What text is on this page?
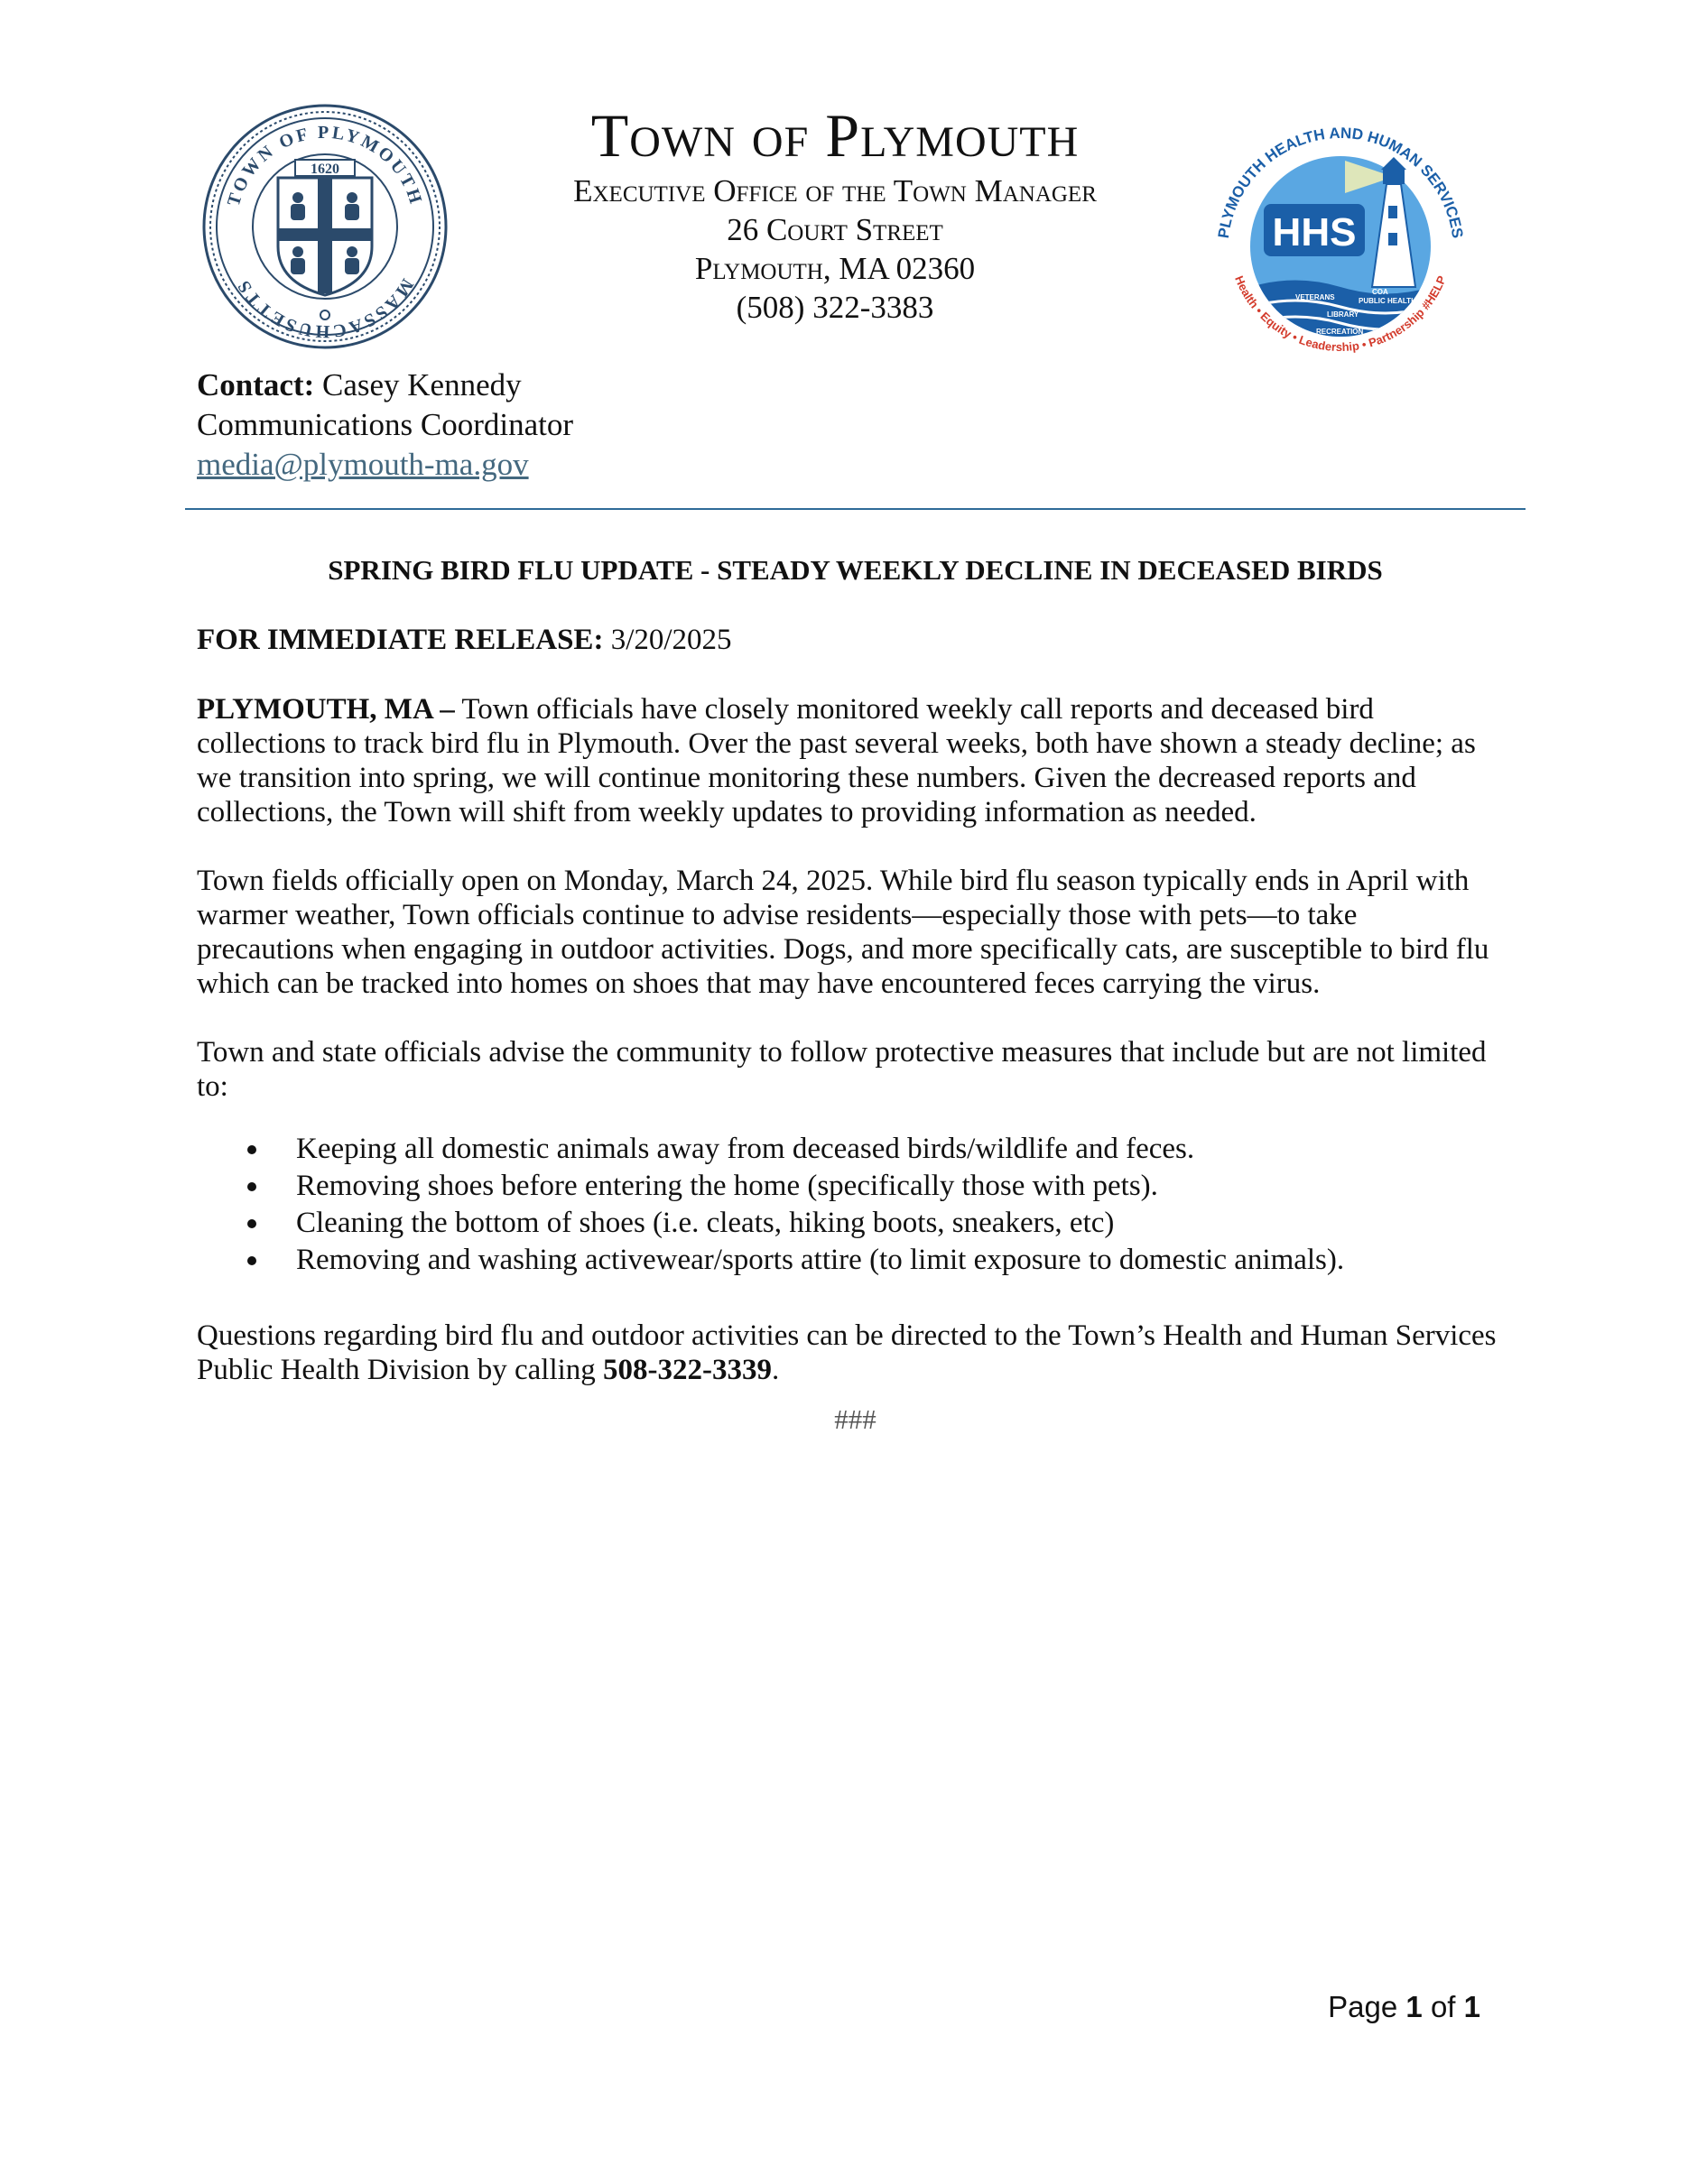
TOWN OF PLYMOUTH
MASSACHUSETTS
1620	Town of Plymouth
Executive Office of the Town Manager
26 Court Street
Plymouth, MA 02360
(508) 322-3383
PLYMOUTH HEALTH AND HUMAN SERVICES
Health • Equity • Leadership • Partnership #HELP
HHS
VETERANS
COA
PUBLIC HEALTH
LIBRARY
RECREATION
Contact: Casey Kennedy
Communications Coordinator
media@plymouth-ma.gov
SPRING BIRD FLU UPDATE - STEADY WEEKLY DECLINE IN DECEASED BIRDS
FOR IMMEDIATE RELEASE: 3/20/2025
PLYMOUTH, MA – Town officials have closely monitored weekly call reports and deceased bird collections to track bird flu in Plymouth. Over the past several weeks, both have shown a steady decline; as we transition into spring, we will continue monitoring these numbers. Given the decreased reports and collections, the Town will shift from weekly updates to providing information as needed.
Town fields officially open on Monday, March 24, 2025. While bird flu season typically ends in April with warmer weather, Town officials continue to advise residents—especially those with pets—to take precautions when engaging in outdoor activities. Dogs, and more specifically cats, are susceptible to bird flu which can be tracked into homes on shoes that may have encountered feces carrying the virus.
Town and state officials advise the community to follow protective measures that include but are not limited to:
Keeping all domestic animals away from deceased birds/wildlife and feces.
Removing shoes before entering the home (specifically those with pets).
Cleaning the bottom of shoes (i.e. cleats, hiking boots, sneakers, etc)
Removing and washing activewear/sports attire (to limit exposure to domestic animals).
Questions regarding bird flu and outdoor activities can be directed to the Town’s Health and Human Services Public Health Division by calling 508-322-3339.
###
Page 1 of 1
